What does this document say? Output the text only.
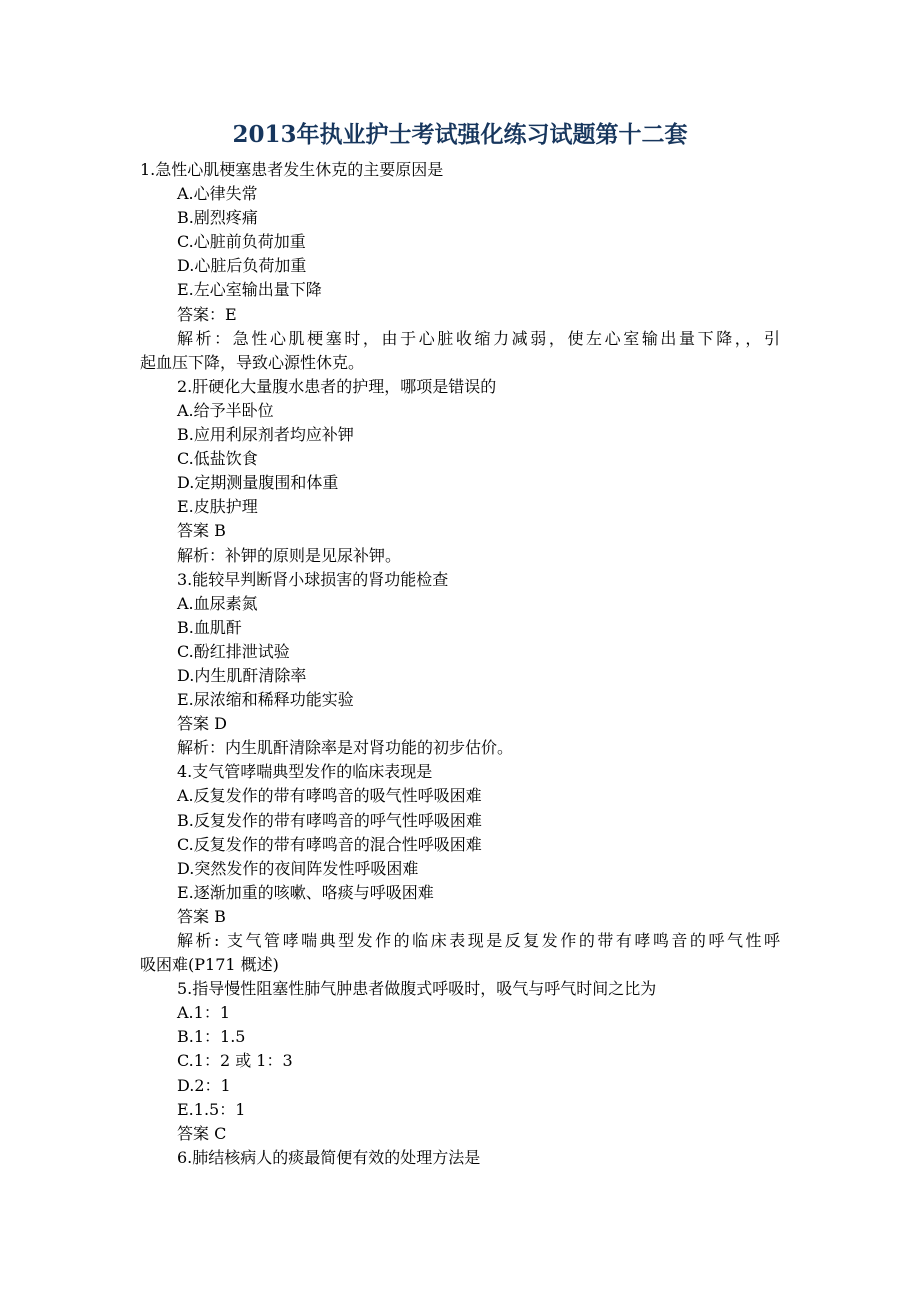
2013年执业护士考试强化练习试题第十二套
1.急性心肌梗塞患者发生休克的主要原因是
A.心律失常
B.剧烈疼痛
C.心脏前负荷加重
D.心脏后负荷加重
E.左心室输出量下降
答案：E
解析：急性心肌梗塞时，由于心脏收缩力减弱，使左心室输出量下降，，引
起血压下降，导致心源性休克。
2.肝硬化大量腹水患者的护理，哪项是错误的
A.给予半卧位
B.应用利尿剂者均应补钾
C.低盐饮食
D.定期测量腹围和体重
E.皮肤护理
答案 B
解析：补钾的原则是见尿补钾。
3.能较早判断肾小球损害的肾功能检查
A.血尿素氮
B.血肌酐
C.酚红排泄试验
D.内生肌酐清除率
E.尿浓缩和稀释功能实验
答案 D
解析：内生肌酐清除率是对肾功能的初步估价。
4.支气管哮喘典型发作的临床表现是
A.反复发作的带有哮鸣音的吸气性呼吸困难
B.反复发作的带有哮鸣音的呼气性呼吸困难
C.反复发作的带有哮鸣音的混合性呼吸困难
D.突然发作的夜间阵发性呼吸困难
E.逐渐加重的咳嗽、咯痰与呼吸困难
答案 B
解析: 支气管哮喘典型发作的临床表现是反复发作的带有哮鸣音的呼气性呼
吸困难(P171 概述)
5.指导慢性阻塞性肺气肿患者做腹式呼吸时，吸气与呼气时间之比为
A.1：1
B.1：1.5
C.1：2 或 1：3
D.2：1
E.1.5：1
答案 C
6.肺结核病人的痰最简便有效的处理方法是
